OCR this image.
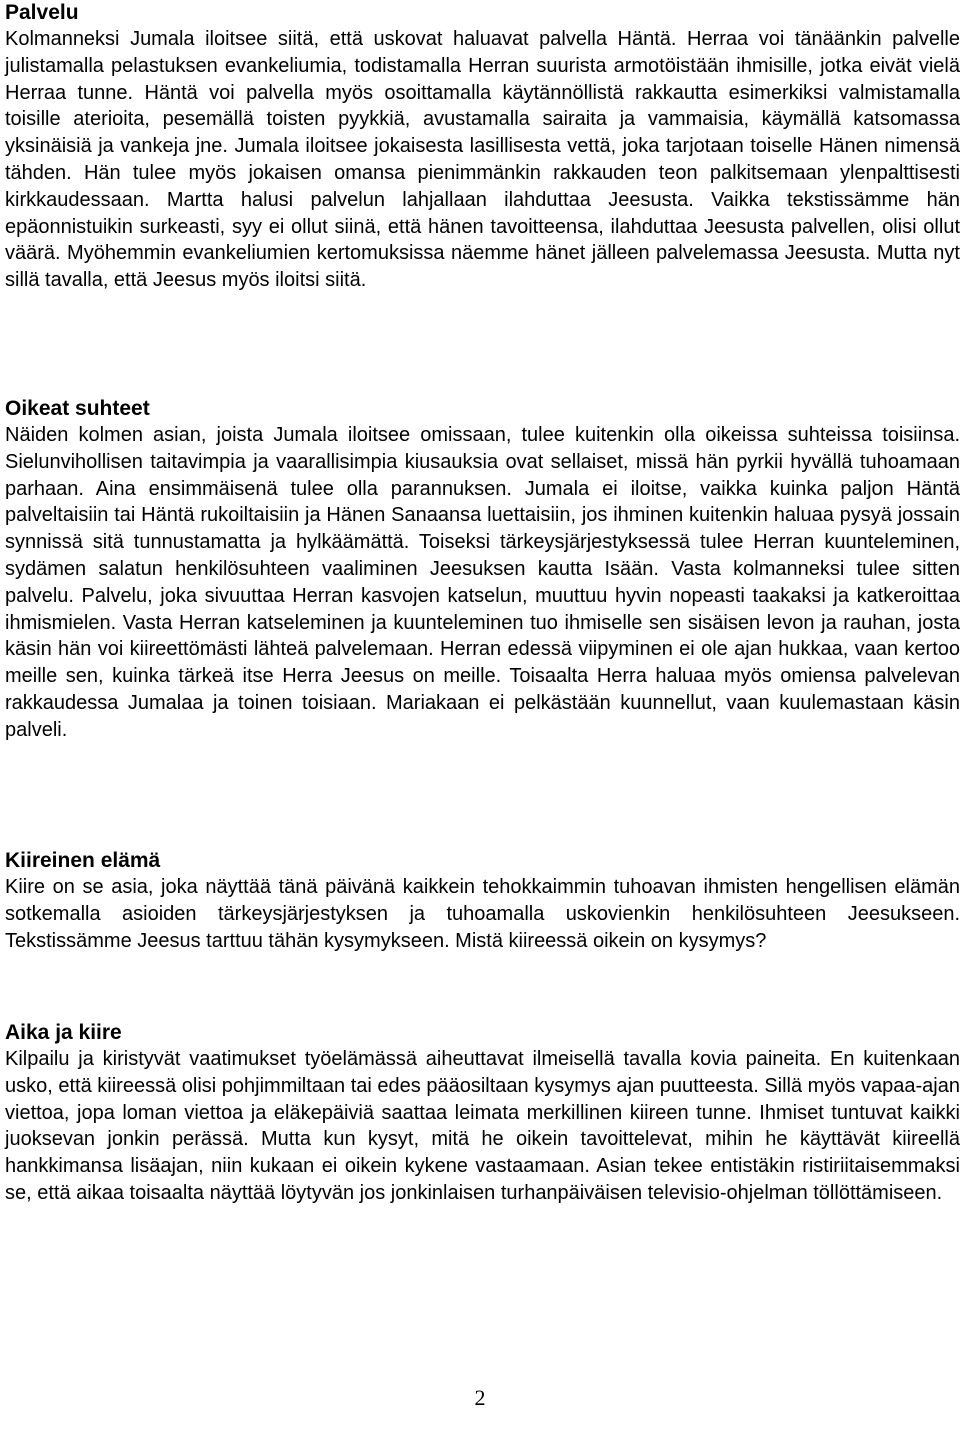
Palvelu

Kolmanneksi Jumala iloitsee siitä, että uskovat haluavat palvella Häntä. Herraa voi tänäänkin palvelle julistamalla pelastuksen evankeliumia, todistamalla Herran suurista armotöistään ihmisille, jotka eivät vielä Herraa tunne. Häntä voi palvella myös osoittamalla käytännöllistä rakkautta esimerkiksi valmistamalla toisille aterioita, pesemällä toisten pyykkiä, avustamalla sairaita ja vammaisia, käymällä katsomassa yksinäisiä ja vankeja jne. Jumala iloitsee jokaisesta lasillisesta vettä, joka tarjotaan toiselle Hänen nimensä tähden. Hän tulee myös jokaisen omansa pienimmänkin rakkauden teon palkitsemaan ylenpalttisesti kirkkaudessaan. Martta halusi palvelun lahjallaan ilahduttaa Jeesusta. Vaikka tekstissämme hän epäonnistuikin surkeasti, syy ei ollut siinä, että hänen tavoitteensa, ilahduttaa Jeesusta palvellen, olisi ollut väärä. Myöhemmin evankeliumien kertomuksissa näemme hänet jälleen palvelemassa Jeesusta. Mutta nyt sillä tavalla, että Jeesus myös iloitsi siitä.

Oikeat suhteet

Näiden kolmen asian, joista Jumala iloitsee omissaan, tulee kuitenkin olla oikeissa suhteissa toisiinsa. Sielunvihollisen taitavimpia ja vaarallisimpia kiusauksia ovat sellaiset, missä hän pyrkii hyvällä tuhoamaan parhaan. Aina ensimmäisenä tulee olla parannuksen. Jumala ei iloitse, vaikka kuinka paljon Häntä palveltaisiin tai Häntä rukoiltaisiin ja Hänen Sanaansa luettaisiin, jos ihminen kuitenkin haluaa pysyä jossain synnissä sitä tunnustamatta ja hylkäämättä. Toiseksi tärkeysjärjestyksessä tulee Herran kuunteleminen, sydämen salatun henkilösuhteen vaaliminen Jeesuksen kautta Isään. Vasta kolmanneksi tulee sitten palvelu. Palvelu, joka sivuuttaa Herran kasvojen katselun, muuttuu hyvin nopeasti taakaksi ja katkeroittaa ihmismielen. Vasta Herran katseleminen ja kuunteleminen tuo ihmiselle sen sisäisen levon ja rauhan, josta käsin hän voi kiireettömästi lähteä palvelemaan. Herran edessä viipyminen ei ole ajan hukkaa, vaan kertoo meille sen, kuinka tärkeä itse Herra Jeesus on meille. Toisaalta Herra haluaa myös omiensa palvelevan rakkaudessa Jumalaa ja toinen toisiaan. Mariakaan ei pelkästään kuunnellut, vaan kuulemastaan käsin palveli.

Kiireinen elämä

Kiire on se asia, joka näyttää tänä päivänä kaikkein tehokkaimmin tuhoavan ihmisten hengellisen elämän sotkemalla asioiden tärkeysjärjestyksen ja tuhoamalla uskovienkin henkilösuhteen Jeesukseen. Tekstissämme Jeesus tarttuu tähän kysymykseen. Mistä kiireessä oikein on kysymys?

Aika ja kiire

Kilpailu ja kiristyvät vaatimukset työelämässä aiheuttavat ilmeisellä tavalla kovia paineita. En kuitenkaan usko, että kiireessä olisi pohjimmiltaan tai edes pääosiltaan kysymys ajan puutteesta. Sillä myös vapaa-ajan viettoa, jopa loman viettoa ja eläkepäiviä saattaa leimata merkillinen kiireen tunne. Ihmiset tuntuvat kaikki juoksevan jonkin perässä. Mutta kun kysyt, mitä he oikein tavoittelevat, mihin he käyttävät kiireellä hankkimansa lisäajan, niin kukaan ei oikein kykene vastaamaan. Asian tekee entistäkin ristiriitaisemmaksi se, että aikaa toisaalta näyttää löytyvän jos jonkinlaisen turhanpäiväisen televisio-ohjelman töllöttämiseen.

2
